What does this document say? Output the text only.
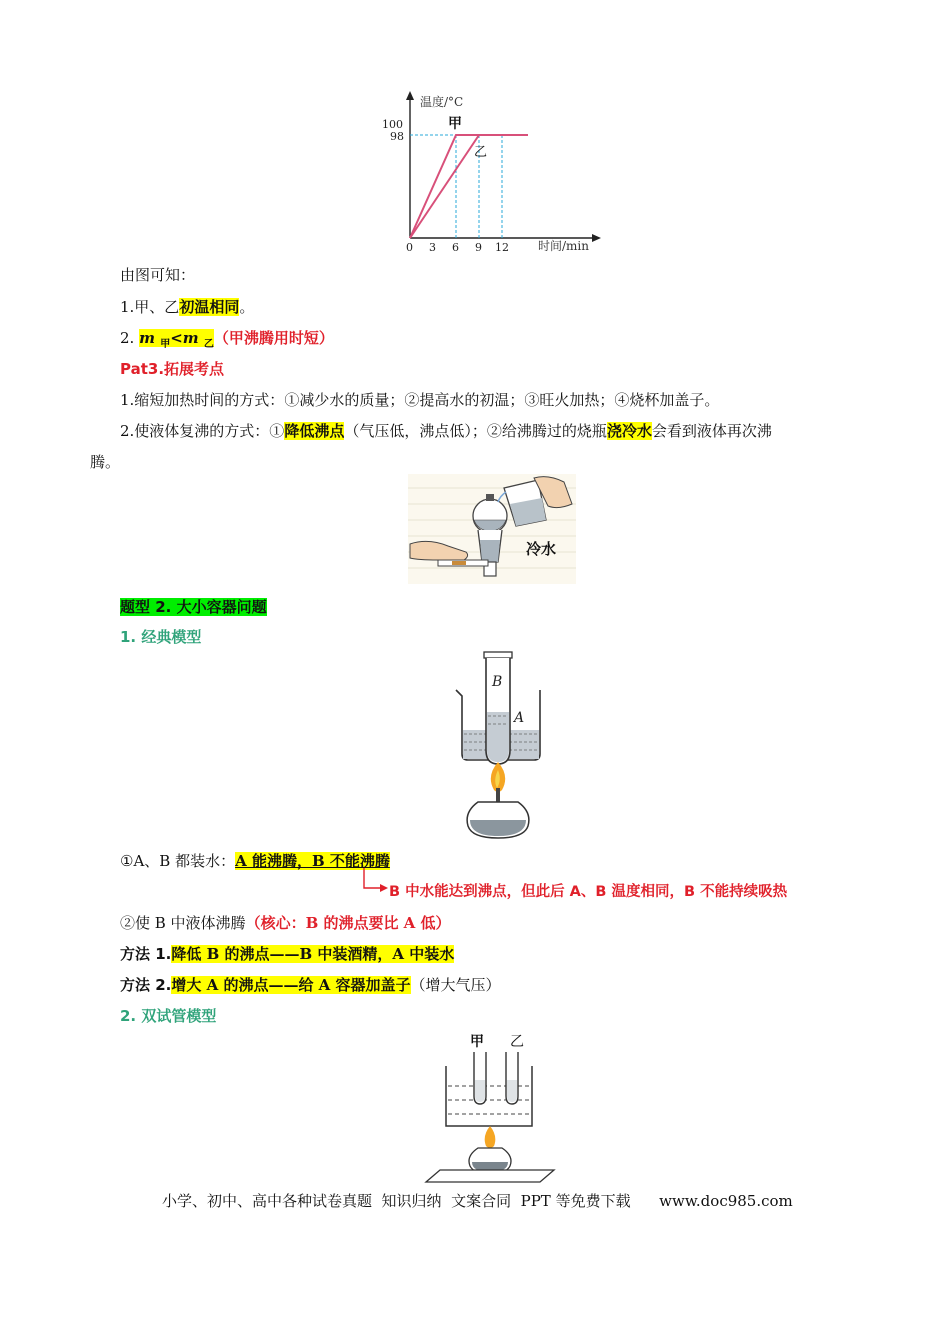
温度/°C
时间/min
100
98
甲
乙
0 3 6 9 12
由图可知：
1.甲、乙初温相同。
2. m $_甲$<m $_乙$（甲沸腾用时短）
Pat3.拓展考点
1.缩短加热时间的方式：①减少水的质量；②提高水的初温；③旺火加热；④烧杯加盖子。
2.使液体复沸的方式：①降低沸点（气压低，沸点低）；②给沸腾过的烧瓶浇冷水会看到液体再次沸
腾。
冷水
题型 2. 大小容器问题
1. 经典模型
B
A
①A、B 都装水：A 能沸腾，B 不能沸腾
B 中水能达到沸点，但此后 A、B 温度相同，B 不能持续吸热
②使 B 中液体沸腾（核心：B 的沸点要比 A 低）
方法 1.降低 B 的沸点——B 中装酒精，A 中装水
方法 2.增大 A 的沸点——给 A 容器加盖子（增大气压）
2. 双试管模型
甲 乙
小学、初中、高中各种试卷真题  知识归纳  文案合同  PPT 等免费下载      www.doc985.com
